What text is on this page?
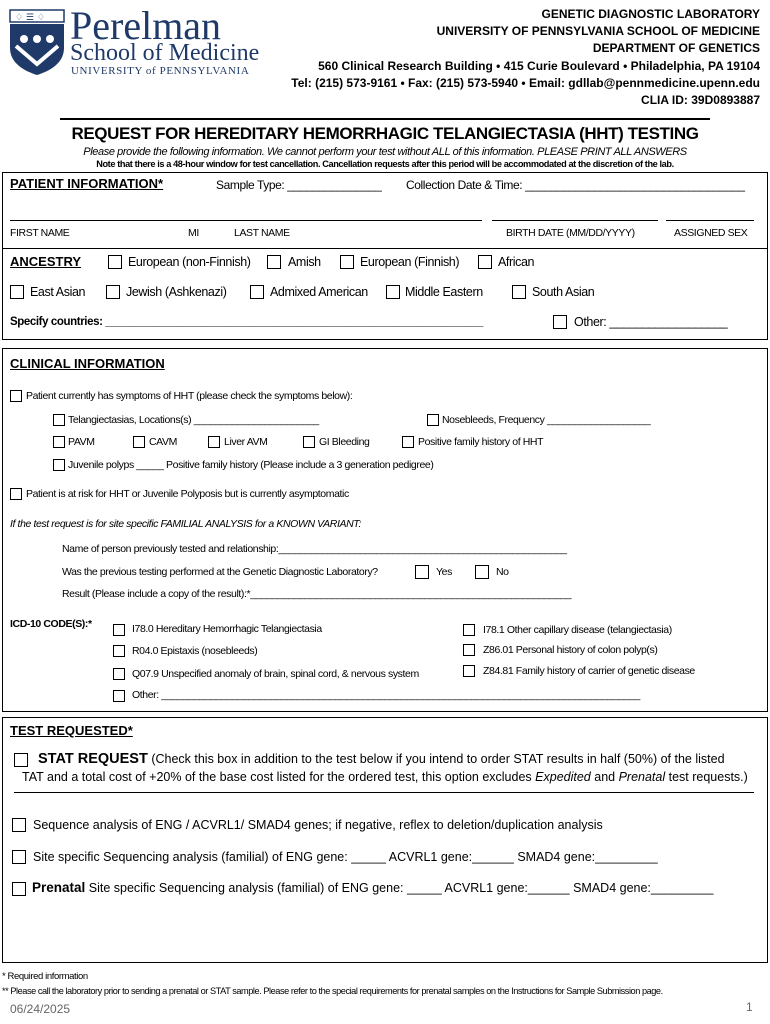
♢ ☰ ♢ Perelman
School of Medicine
UNIVERSITY of PENNSYLVANIA
GENETIC DIAGNOSTIC LABORATORY
UNIVERSITY OF PENNSYLVANIA SCHOOL OF MEDICINE
DEPARTMENT OF GENETICS
560 Clinical Research Building • 415 Curie Boulevard • Philadelphia, PA 19104
Tel: (215) 573-9161 • Fax: (215) 573-5940 • Email: gdllab@pennmedicine.upenn.edu
CLIA ID: 39D0893887
REQUEST FOR HEREDITARY HEMORRHAGIC TELANGIECTASIA (HHT) TESTING
Please provide the following information. We cannot perform your test without ALL of this information. PLEASE PRINT ALL ANSWERS
Note that there is a 48-hour window for test cancellation. Cancellation requests after this period will be accommodated at the discretion of the lab.
PATIENT INFORMATION*	Sample Type: _______________ Collection Date & Time: ___________________________________
FIRST NAME	MI	LAST NAME	BIRTH DATE (MM/DD/YYYY)	ASSIGNED SEX
ANCESTRY	European (non-Finnish)	Amish	European (Finnish)	African
East Asian	Jewish (Ashkenazi)	Admixed American	Middle Eastern	South Asian
Specify countries: _______________________________________________________________	Other: __________________
CLINICAL INFORMATION
Patient currently has symptoms of HHT (please check the symptoms below):
Telangiectasias, Locations(s) _______________________	Nosebleeds, Frequency ___________________
PAVM	CAVM	Liver AVM	GI Bleeding	Positive family history of HHT
Juvenile polyps _____ Positive family history (Please include a 3 generation pedigree)
Patient is at risk for HHT or Juvenile Polyposis but is currently asymptomatic
If the test request is for site specific FAMILIAL ANALYSIS for a KNOWN VARIANT:
Name of person previously tested and relationship:_____________________________________________________
Was the previous testing performed at the Genetic Diagnostic Laboratory?	Yes	No
Result (Please include a copy of the result):*___________________________________________________________
ICD-10 CODE(S):*	I78.0 Hereditary Hemorrhagic Telangiectasia
R04.0 Epistaxis (nosebleeds)
Q07.9 Unspecified anomaly of brain, spinal cord, & nervous system
Other: ________________________________________________________________________________________
I78.1 Other capillary disease (telangiectasia)
Z86.01 Personal history of colon polyp(s)
Z84.81 Family history of carrier of genetic disease
TEST REQUESTED*
STAT REQUEST (Check this box in addition to the test below if you intend to order STAT results in half (50%) of the listed
TAT and a total cost of +20% of the base cost listed for the ordered test, this option excludes Expedited and Prenatal test requests.)
Sequence analysis of ENG / ACVRL1/ SMAD4 genes; if negative, reflex to deletion/duplication analysis
Site specific Sequencing analysis (familial) of ENG gene: _____ ACVRL1 gene:______ SMAD4 gene:_________
Prenatal Site specific Sequencing analysis (familial) of ENG gene: _____ ACVRL1 gene:______ SMAD4 gene:_________
* Required information
** Please call the laboratory prior to sending a prenatal or STAT sample. Please refer to the special requirements for prenatal samples on the Instructions for Sample Submission page.
06/24/2025	1
